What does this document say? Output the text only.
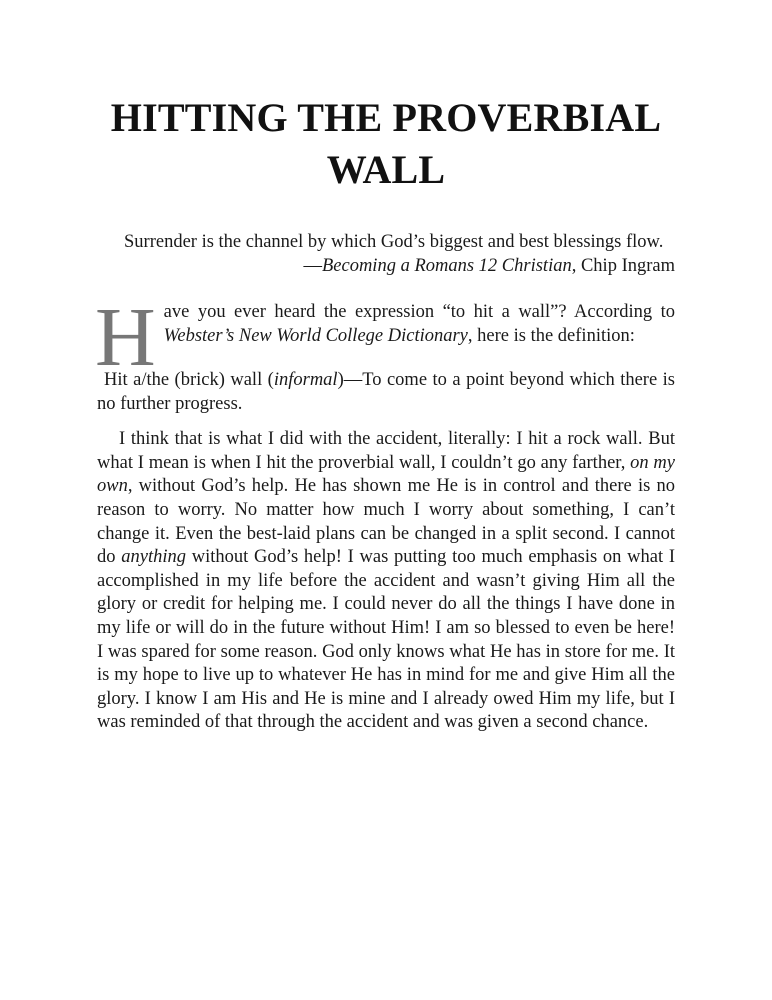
HITTING THE PROVERBIAL
WALL
Surrender is the channel by which God’s biggest and best blessings flow.
—Becoming a Romans 12 Christian, Chip Ingram
Have you ever heard the expression “to hit a wall”? According to Webster’s New World College Dictionary, here is the definition:
Hit a/the (brick) wall (informal)—To come to a point beyond which there is no further progress.

I think that is what I did with the accident, literally: I hit a rock wall. But what I mean is when I hit the proverbial wall, I couldn’t go any farther, on my own, without God’s help. He has shown me He is in control and there is no reason to worry. No matter how much I worry about something, I can’t change it. Even the best-laid plans can be changed in a split second. I cannot do anything without God’s help! I was putting too much emphasis on what I accomplished in my life before the accident and wasn’t giving Him all the glory or credit for helping me. I could never do all the things I have done in my life or will do in the future without Him! I am so blessed to even be here! I was spared for some reason. God only knows what He has in store for me. It is my hope to live up to whatever He has in mind for me and give Him all the glory. I know I am His and He is mine and I already owed Him my life, but I was reminded of that through the accident and was given a second chance.
